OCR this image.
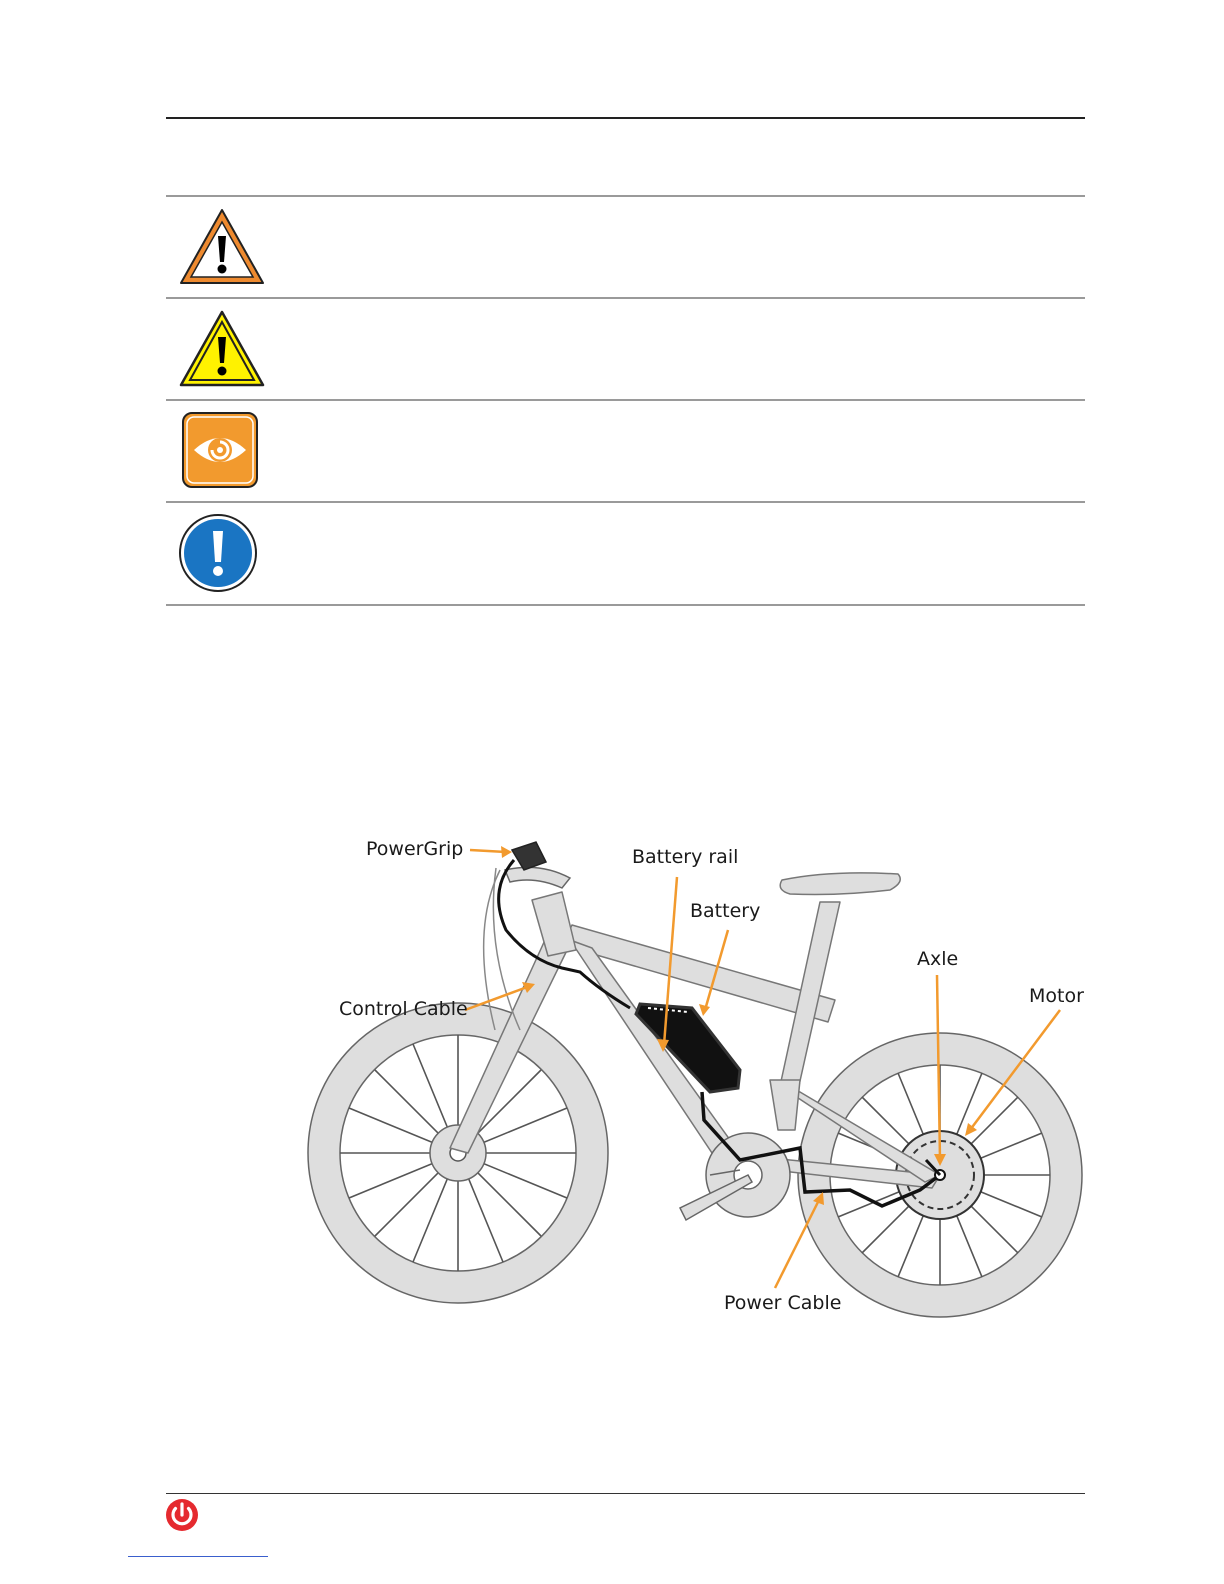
PowerGrip	Battery rail
Battery
Axle
Motor
Control Cable
Power Cable
